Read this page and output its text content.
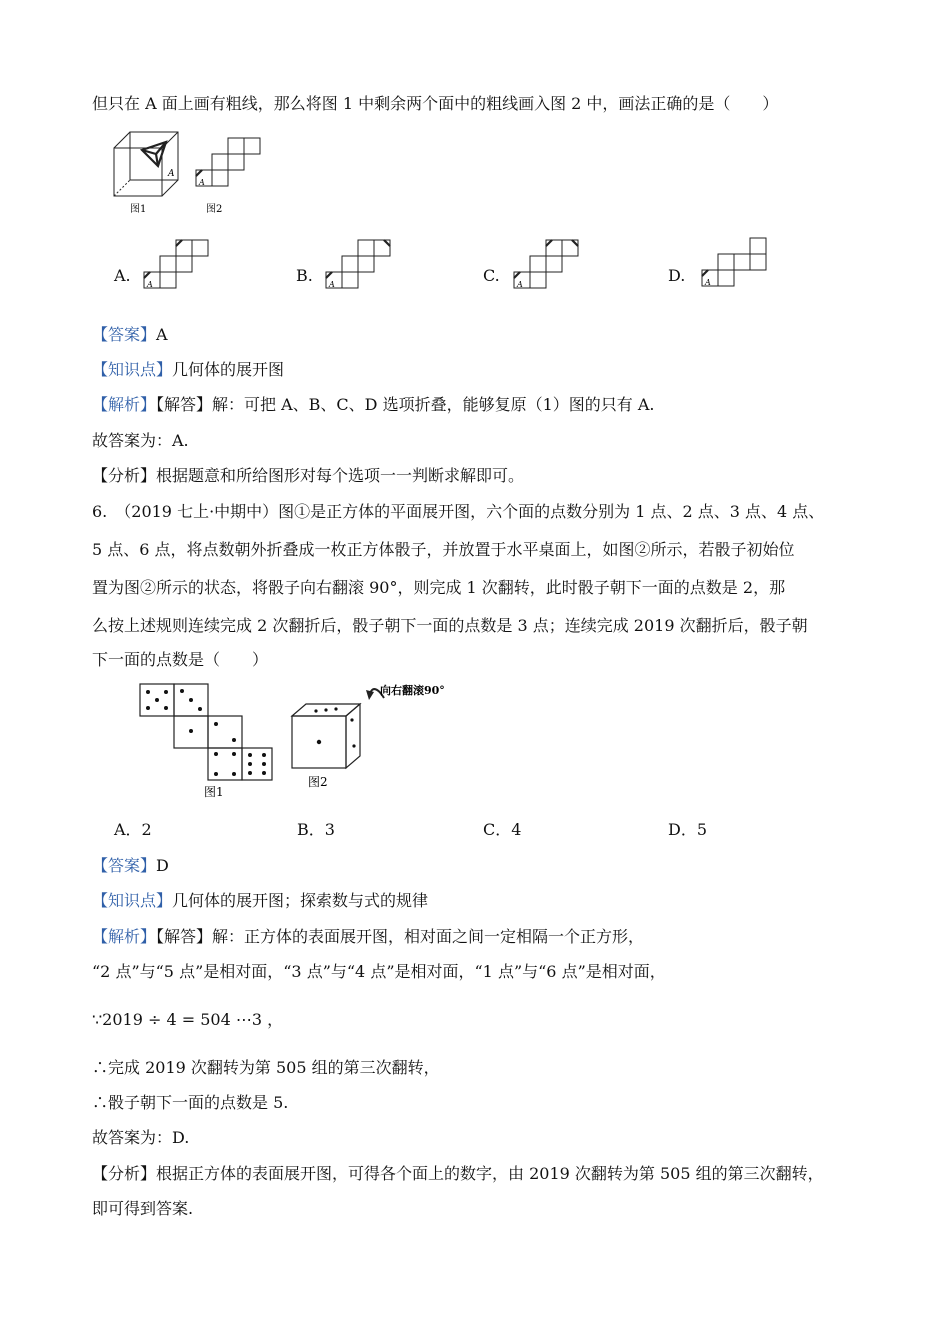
但只在 A 面上画有粗线，那么将图 1 中剩余两个面中的粗线画入图 2 中，画法正确的是（　　）
A
A
图1	图2
A. A	B. A	C. A	D. A
【答案】A
【知识点】几何体的展开图
【解析】【解答】解：可把 A、B、C、D 选项折叠，能够复原（1）图的只有 A.
故答案为：A.
【分析】根据题意和所给图形对每个选项一一判断求解即可。
6.　（2019 七上·中期中）图①是正方体的平面展开图，六个面的点数分别为 1 点、2 点、3 点、4 点、
5 点、6 点，将点数朝外折叠成一枚正方体骰子，并放置于水平桌面上，如图②所示，若骰子初始位
置为图②所示的状态，将骰子向右翻滚 90°，则完成 1 次翻转，此时骰子朝下一面的点数是 2，那
么按上述规则连续完成 2 次翻折后，骰子朝下一面的点数是 3 点；连续完成 2019 次翻折后，骰子朝
下一面的点数是（　　）
图1
图2
向右翻滚90°
A．2	B．3	C．4	D．5
【答案】D
【知识点】几何体的展开图；探索数与式的规律
【解析】【解答】解：正方体的表面展开图，相对面之间一定相隔一个正方形，
“2 点”与“5 点”是相对面，“3 点”与“4 点”是相对面，“1 点”与“6 点”是相对面，
∵2019 ÷ 4 = 504 ⋯3 ，
∴完成 2019 次翻转为第 505 组的第三次翻转，
∴骰子朝下一面的点数是 5.
故答案为：D.
【分析】根据正方体的表面展开图，可得各个面上的数字，由 2019 次翻转为第 505 组的第三次翻转，
即可得到答案.
